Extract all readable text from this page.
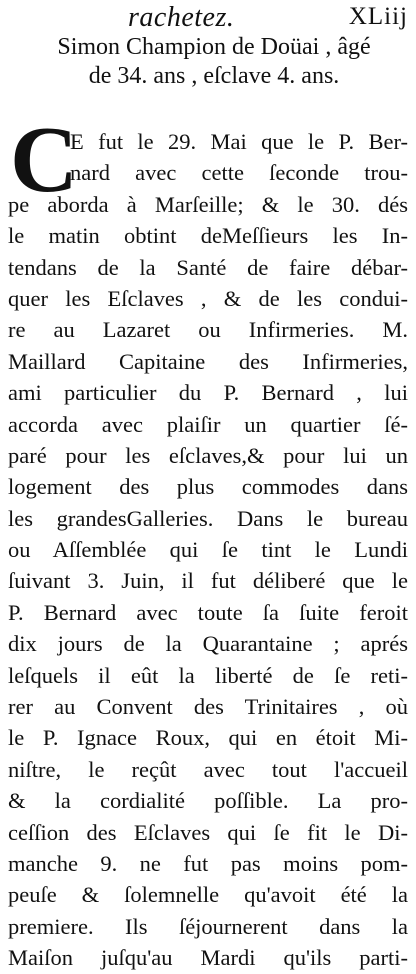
rachetez.	XLiij
Simon Champion de Doüai , âgé
de 34. ans , eſclave 4. ans.
C
E fut le 29. Mai que le P. Ber-
nard avec cette ſeconde trou-
pe aborda à Marſeille; & le 30. dés
le matin obtint deMeſſieurs les In-
tendans de la Santé de faire débar-
quer les Eſclaves , & de les condui-
re au Lazaret ou Infirmeries. M.
Maillard Capitaine des Infirmeries,
ami particulier du P. Bernard , lui
accorda avec plaiſir un quartier ſé-
paré pour les eſclaves,& pour lui un
logement des plus commodes dans
les grandesGalleries. Dans le bureau
ou Aſſemblée qui ſe tint le Lundi
ſuivant 3. Juin, il fut déliberé que le
P. Bernard avec toute ſa ſuite feroit
dix jours de la Quarantaine ; aprés
leſquels il eût la liberté de ſe reti-
rer au Convent des Trinitaires , où
le P. Ignace Roux, qui en étoit Mi-
niſtre, le reçût avec tout l'accueil
& la cordialité poſſible. La pro-
ceſſion des Eſclaves qui ſe fit le Di-
manche 9. ne fut pas moins pom-
peuſe & ſolemnelle qu'avoit été la
premiere. Ils ſéjournerent dans la
Maiſon juſqu'au Mardi qu'ils parti-
